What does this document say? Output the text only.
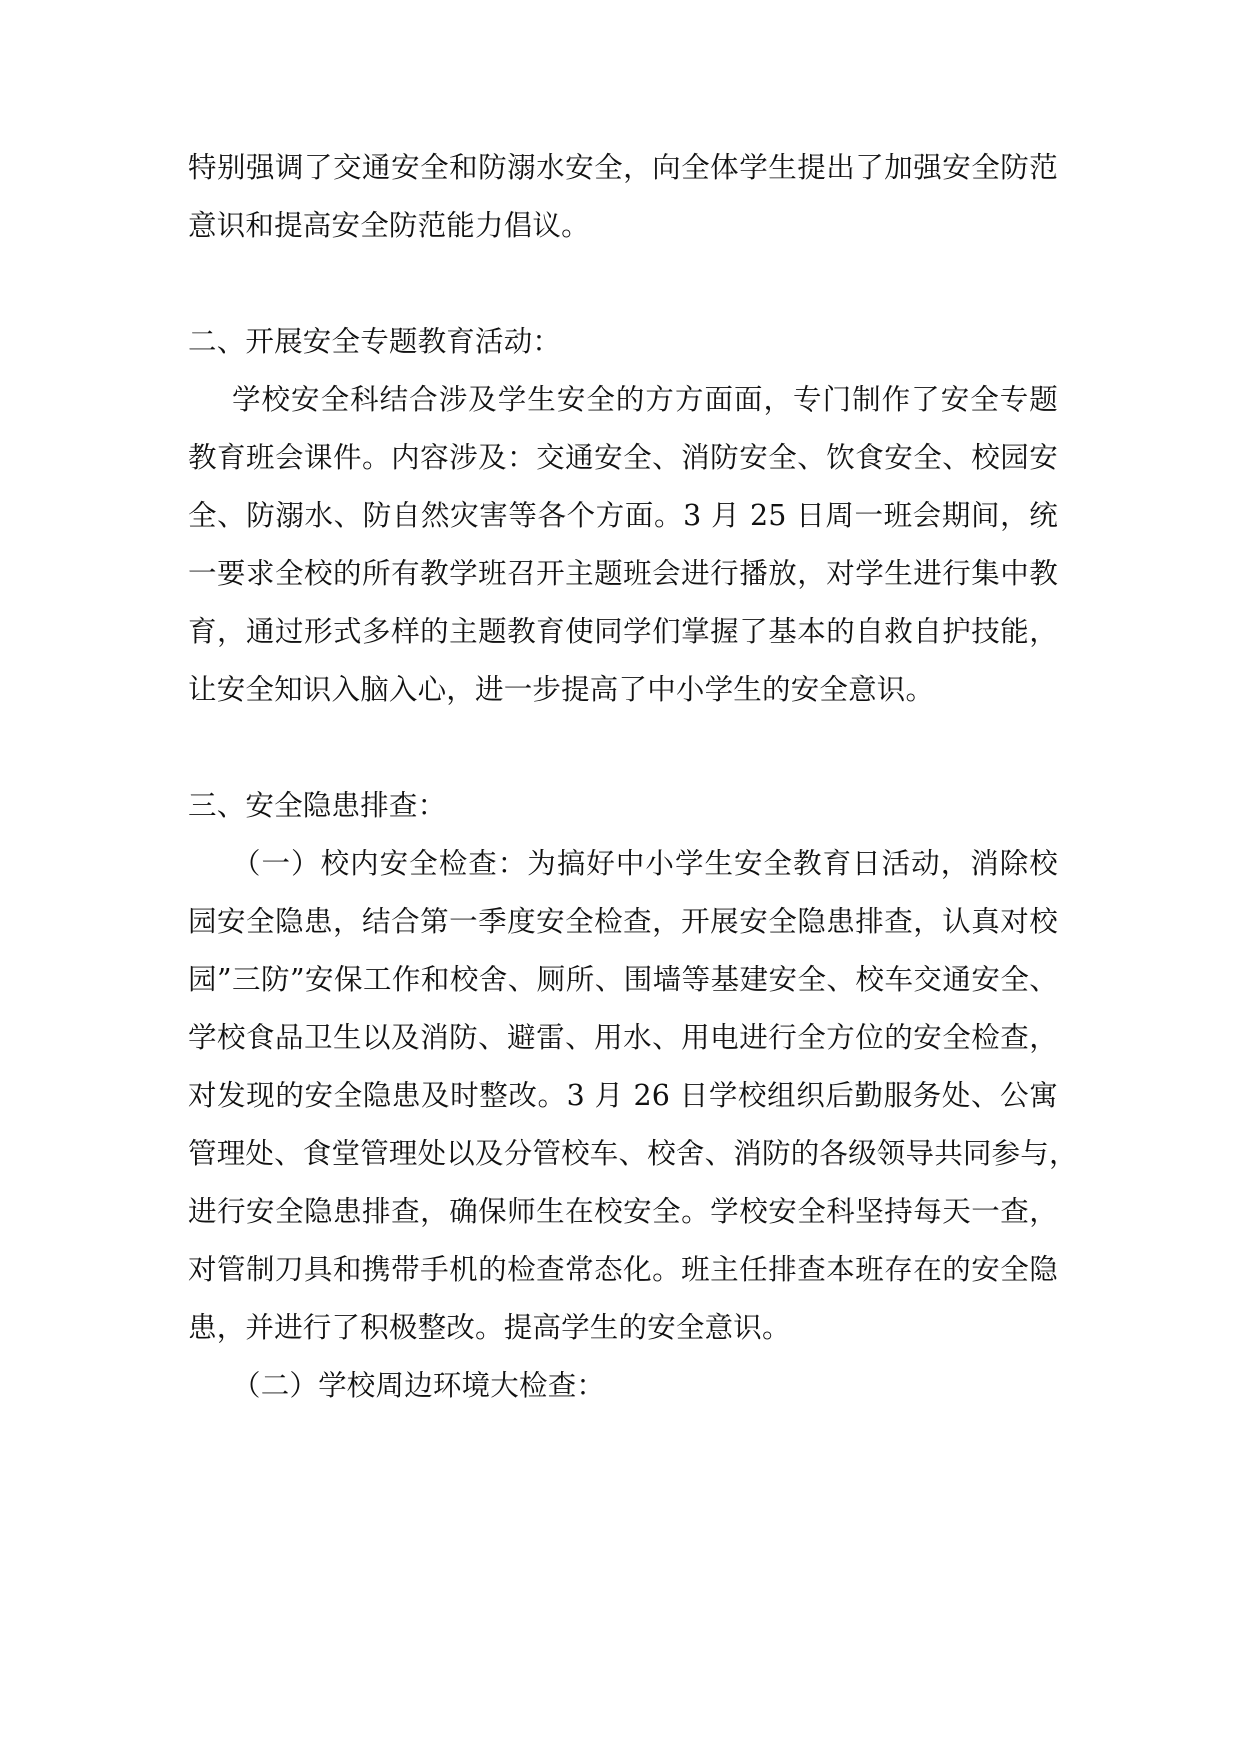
特别强调了交通安全和防溺水安全，向全体学生提出了加强安全防范
意识和提高安全防范能力倡议。
二、开展安全专题教育活动：
学校安全科结合涉及学生安全的方方面面，专门制作了安全专题
教育班会课件。内容涉及：交通安全、消防安全、饮食安全、校园安
全、防溺水、防自然灾害等各个方面。3 月 25 日周一班会期间，统
一要求全校的所有教学班召开主题班会进行播放，对学生进行集中教
育，通过形式多样的主题教育使同学们掌握了基本的自救自护技能，
让安全知识入脑入心，进一步提高了中小学生的安全意识。
三、安全隐患排查：
（一）校内安全检查：为搞好中小学生安全教育日活动，消除校
园安全隐患，结合第一季度安全检查，开展安全隐患排查，认真对校
园”三防”安保工作和校舍、厕所、围墙等基建安全、校车交通安全、
学校食品卫生以及消防、避雷、用水、用电进行全方位的安全检查，
对发现的安全隐患及时整改。3 月 26 日学校组织后勤服务处、公寓
管理处、食堂管理处以及分管校车、校舍、消防的各级领导共同参与，
进行安全隐患排查，确保师生在校安全。学校安全科坚持每天一查，
对管制刀具和携带手机的检查常态化。班主任排查本班存在的安全隐
患，并进行了积极整改。提高学生的安全意识。
（二）学校周边环境大检查：
